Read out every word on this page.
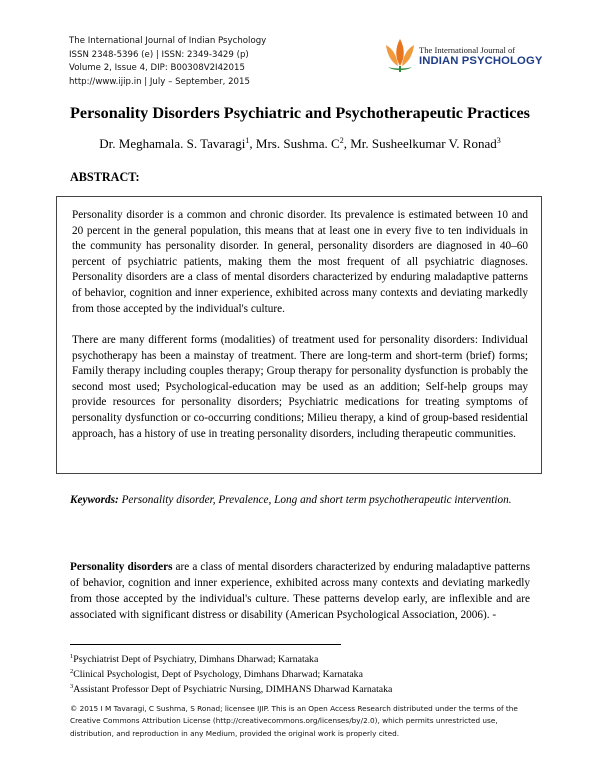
The International Journal of Indian Psychology
ISSN 2348-5396 (e) | ISSN: 2349-3429 (p)
Volume 2, Issue 4, DIP: B00308V2I42015
http://www.ijip.in | July – September, 2015
The International Journal of
INDIAN PSYCHOLOGY
Personality Disorders Psychiatric and Psychotherapeutic Practices
Dr. Meghamala. S. Tavaragi$^1$, Mrs. Sushma. $C^2$, Mr. Susheelkumar V. Ronad$^3$
ABSTRACT:

Personality disorder is a common and chronic disorder. Its prevalence is estimated between 10 and 20 percent in the general population, this means that at least one in every five to ten individuals in the community has personality disorder. In general, personality disorders are diagnosed in 40–60 percent of psychiatric patients, making them the most frequent of all psychiatric diagnoses. Personality disorders are a class of mental disorders characterized by enduring maladaptive patterns of behavior, cognition and inner experience, exhibited across many contexts and deviating markedly from those accepted by the individual's culture.

There are many different forms (modalities) of treatment used for personality disorders: Individual psychotherapy has been a mainstay of treatment. There are long-term and short-term (brief) forms; Family therapy including couples therapy; Group therapy for personality dysfunction is probably the second most used; Psychological-education may be used as an addition; Self-help groups may provide resources for personality disorders; Psychiatric medications for treating symptoms of personality dysfunction or co-occurring conditions; Milieu therapy, a kind of group-based residential approach, has a history of use in treating personality disorders, including therapeutic communities.

Keywords: Personality disorder, Prevalence, Long and short term psychotherapeutic intervention.

Personality disorders are a class of mental disorders characterized by enduring maladaptive patterns of behavior, cognition and inner experience, exhibited across many contexts and deviating markedly from those accepted by the individual's culture. These patterns develop early, are inflexible and are associated with significant distress or disability (American Psychological Association, 2006). -

$^1$Psychiatrist Dept of Psychiatry, Dimhans Dharwad; Karnataka
$^2$Clinical Psychologist, Dept of Psychology, Dimhans Dharwad; Karnataka
$^3$Assistant Professor Dept of Psychiatric Nursing, DIMHANS Dharwad Karnataka
© 2015 I M Tavaragi, C Sushma, S Ronad; licensee IJIP. This is an Open Access Research distributed under the terms of the Creative Commons Attribution License (http://creativecommons.org/licenses/by/2.0), which permits unrestricted use, distribution, and reproduction in any Medium, provided the original work is properly cited.
